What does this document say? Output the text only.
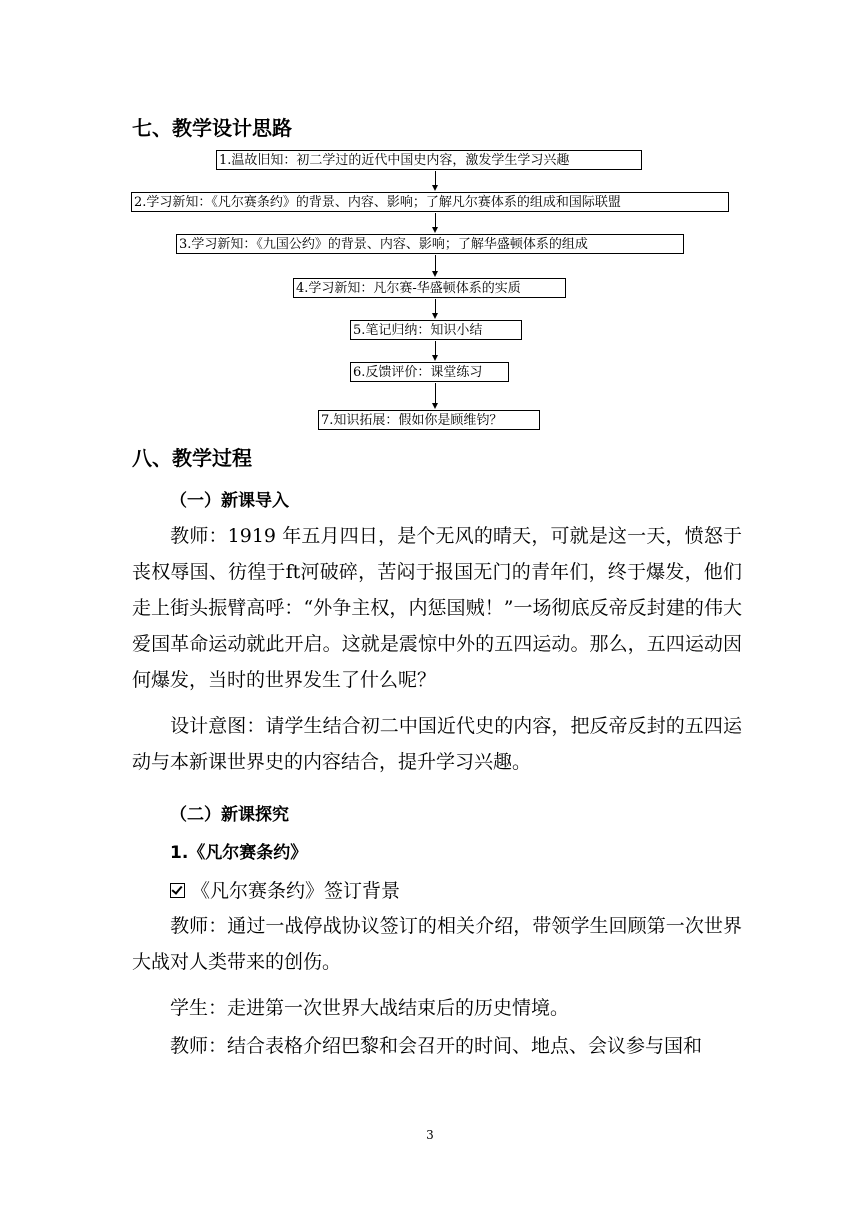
七、教学设计思路
1.温故旧知：初二学过的近代中国史内容，激发学生学习兴趣
2.学习新知：《凡尔赛条约》的背景、内容、影响；了解凡尔赛体系的组成和国际联盟
3.学习新知：《九国公约》的背景、内容、影响；了解华盛顿体系的组成
4.学习新知：凡尔赛-华盛顿体系的实质
5.笔记归纳：知识小结
6.反馈评价：课堂练习
7.知识拓展：假如你是顾维钧？
八、教学过程
（一）新课导入
教师：1919 年五月四日，是个无风的晴天，可就是这一天，愤怒于丧权辱国、彷徨于ft河破碎，苦闷于报国无门的青年们，终于爆发，他们走上街头振臂高呼：“外争主权，内惩国贼！”一场彻底反帝反封建的伟大爱国革命运动就此开启。这就是震惊中外的五四运动。那么，五四运动因何爆发，当时的世界发生了什么呢？
设计意图：请学生结合初二中国近代史的内容，把反帝反封的五四运动与本新课世界史的内容结合，提升学习兴趣。
（二）新课探究
1.《凡尔赛条约》
《凡尔赛条约》签订背景
教师：通过一战停战协议签订的相关介绍，带领学生回顾第一次世界大战对人类带来的创伤。
学生：走进第一次世界大战结束后的历史情境。
教师：结合表格介绍巴黎和会召开的时间、地点、会议参与国和
3
